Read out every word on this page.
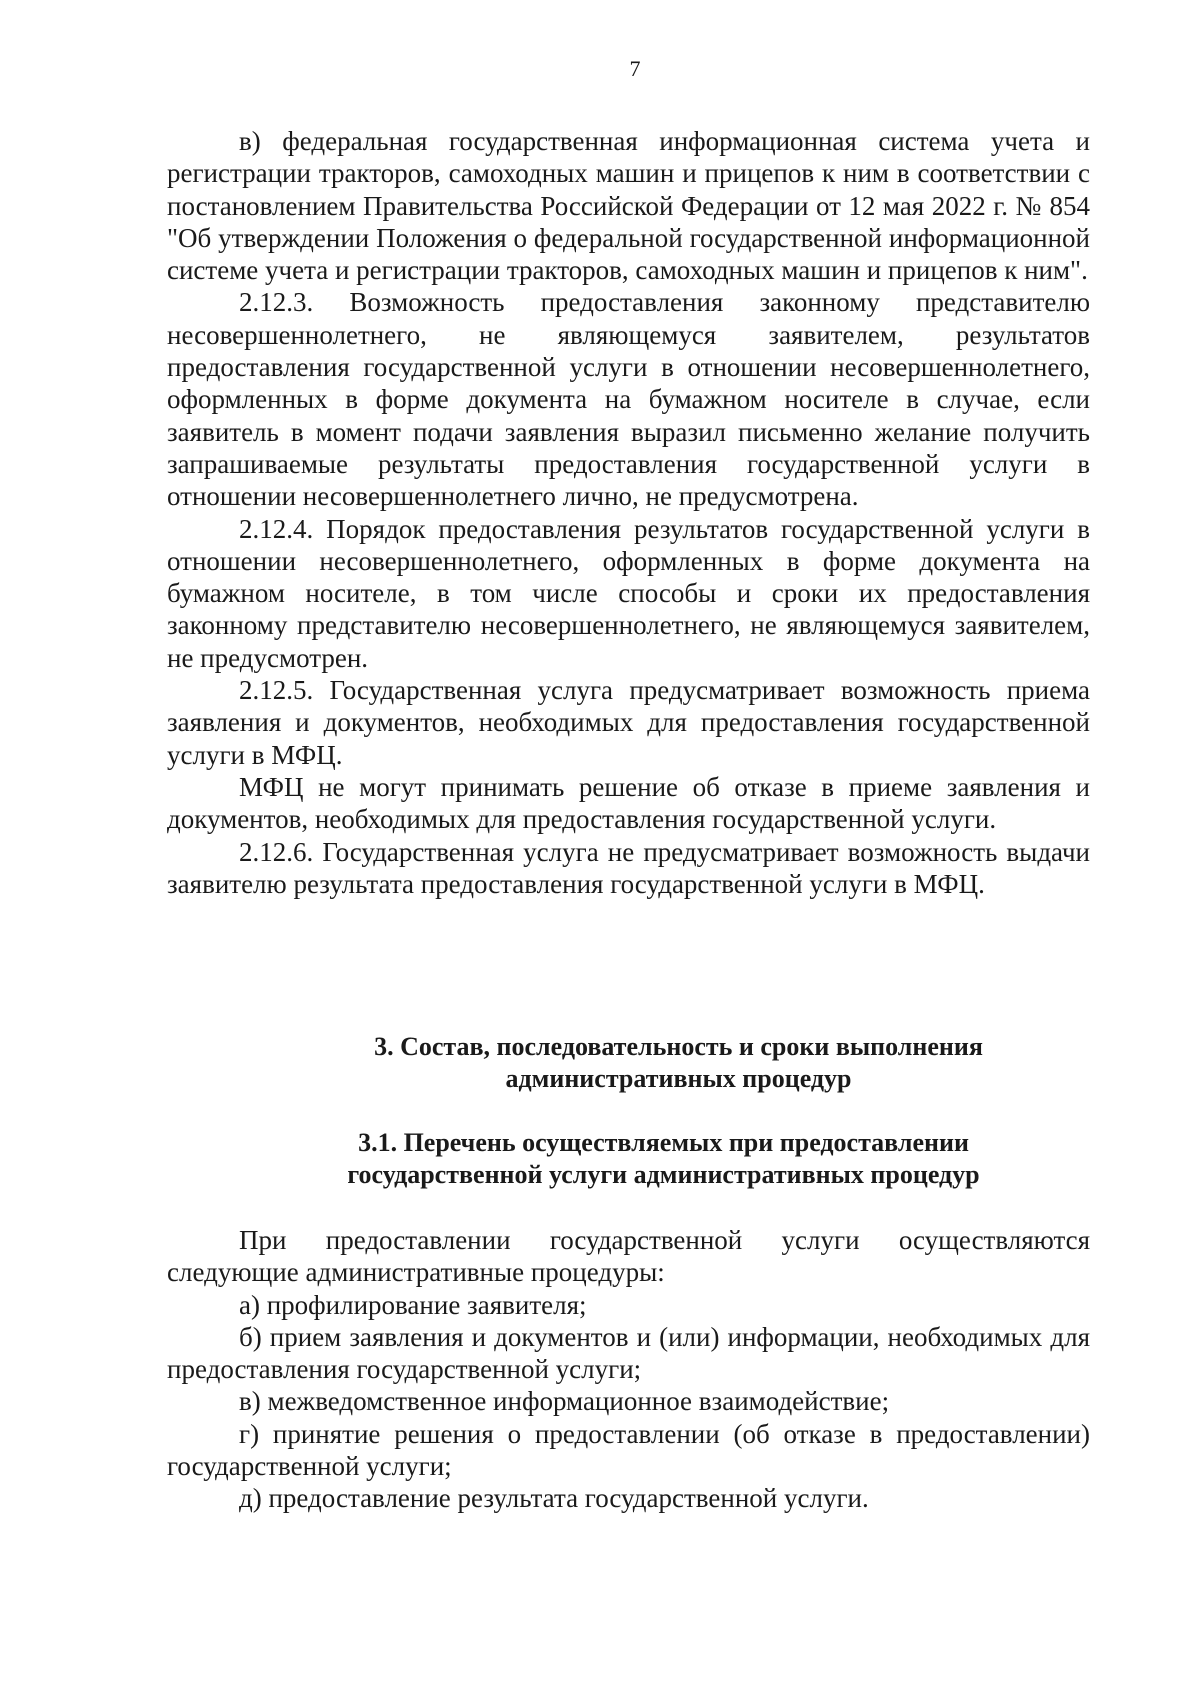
7

в) федеральная государственная информационная система учета и регистрации тракторов, самоходных машин и прицепов к ним в соответствии с постановлением Правительства Российской Федерации от 12 мая 2022 г. № 854 "Об утверждении Положения о федеральной государственной информационной системе учета и регистрации тракторов, самоходных машин и прицепов к ним".

2.12.3. Возможность предоставления законному представителю несовершеннолетнего, не являющемуся заявителем, результатов предоставления государственной услуги в отношении несовершеннолетнего, оформленных в форме документа на бумажном носителе в случае, если заявитель в момент подачи заявления выразил письменно желание получить запрашиваемые результаты предоставления государственной услуги в отношении несовершеннолетнего лично, не предусмотрена.

2.12.4. Порядок предоставления результатов государственной услуги в отношении несовершеннолетнего, оформленных в форме документа на бумажном носителе, в том числе способы и сроки их предоставления законному представителю несовершеннолетнего, не являющемуся заявителем, не предусмотрен.

2.12.5. Государственная услуга предусматривает возможность приема заявления и документов, необходимых для предоставления государственной услуги в МФЦ.

МФЦ не могут принимать решение об отказе в приеме заявления и документов, необходимых для предоставления государственной услуги.

2.12.6. Государственная услуга не предусматривает возможность выдачи заявителю результата предоставления государственной услуги в МФЦ.

3. Состав, последовательность и сроки выполнения
административных процедур
3.1. Перечень осуществляемых при предоставлении
государственной услуги административных процедур

При предоставлении государственной услуги осуществляются следующие административные процедуры:

а) профилирование заявителя;

б) прием заявления и документов и (или) информации, необходимых для предоставления государственной услуги;

в) межведомственное информационное взаимодействие;

г) принятие решения о предоставлении (об отказе в предоставлении) государственной услуги;

д) предоставление результата государственной услуги.
